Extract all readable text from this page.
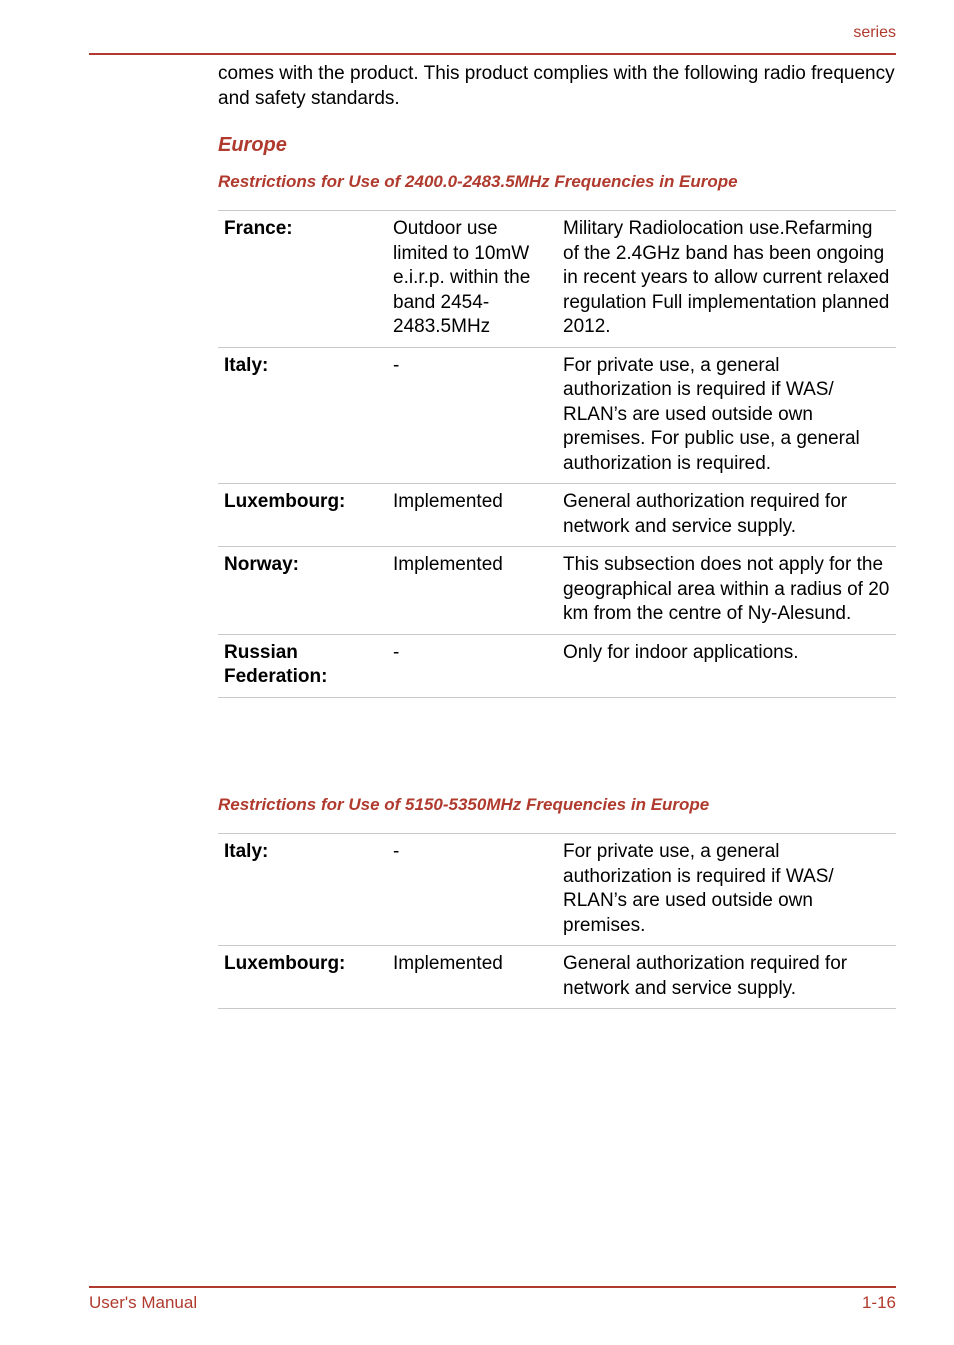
series

comes with the product. This product complies with the following radio frequency and safety standards.

Europe
Restrictions for Use of 2400.0-2483.5MHz Frequencies in Europe
France:	Outdoor use limited to 10mW e.i.r.p. within the band 2454-2483.5MHz	Military Radiolocation use.Refarming of the 2.4GHz band has been ongoing in recent years to allow current relaxed regulation Full implementation planned 2012.
Italy:	-	For private use, a general authorization is required if WAS/ RLAN’s are used outside own premises. For public use, a general authorization is required.
Luxembourg:	Implemented	General authorization required for network and service supply.
Norway:	Implemented	This subsection does not apply for the geographical area within a radius of 20 km from the centre of Ny-Alesund.
Russian Federation:	-	Only for indoor applications.
Restrictions for Use of 5150-5350MHz Frequencies in Europe
Italy:	-	For private use, a general authorization is required if WAS/ RLAN’s are used outside own premises.
Luxembourg:	Implemented	General authorization required for network and service supply.
User's Manual	1-16
